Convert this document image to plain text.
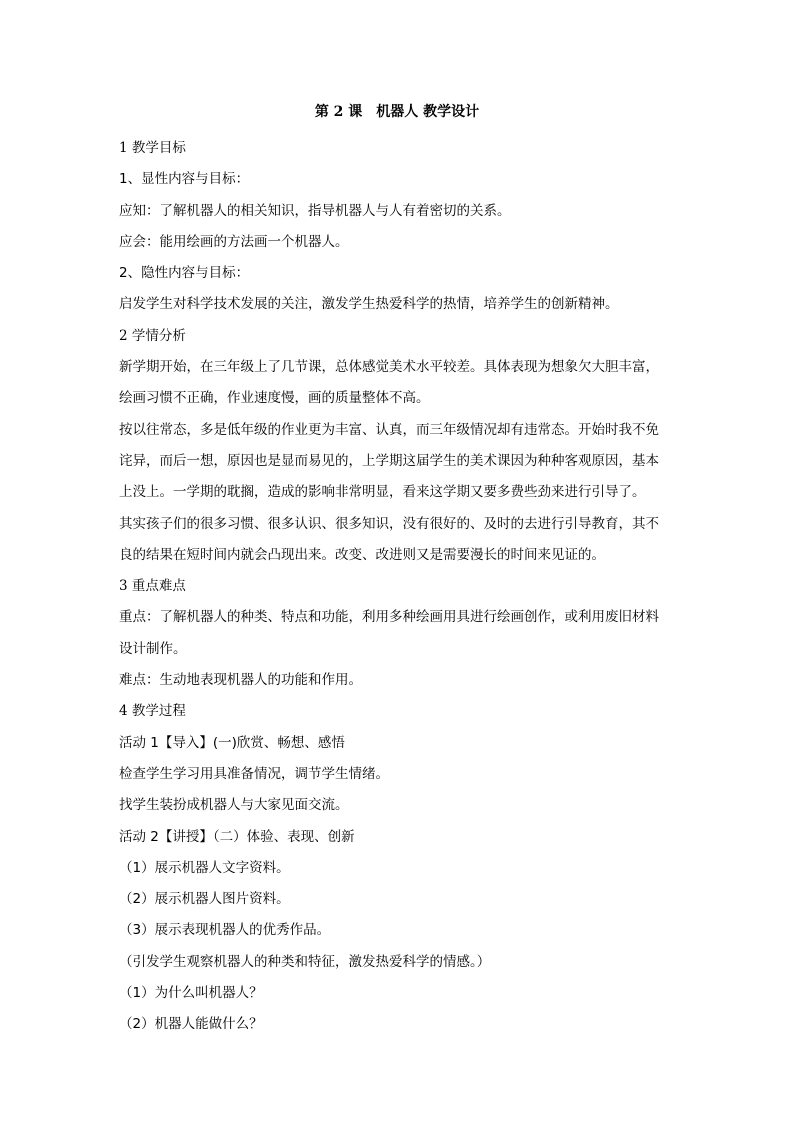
第 2 课　机器人 教学设计
1 教学目标
1、显性内容与目标：
应知：了解机器人的相关知识，指导机器人与人有着密切的关系。
应会：能用绘画的方法画一个机器人。
2、隐性内容与目标：
启发学生对科学技术发展的关注，激发学生热爱科学的热情，培养学生的创新精神。
2 学情分析
新学期开始，在三年级上了几节课，总体感觉美术水平较差。具体表现为想象欠大胆丰富，
绘画习惯不正确，作业速度慢，画的质量整体不高。
按以往常态，多是低年级的作业更为丰富、认真，而三年级情况却有违常态。开始时我不免
诧异，而后一想，原因也是显而易见的，上学期这届学生的美术课因为种种客观原因，基本
上没上。一学期的耽搁，造成的影响非常明显，看来这学期又要多费些劲来进行引导了。
其实孩子们的很多习惯、很多认识、很多知识，没有很好的、及时的去进行引导教育，其不
良的结果在短时间内就会凸现出来。改变、改进则又是需要漫长的时间来见证的。
3 重点难点
重点：了解机器人的种类、特点和功能，利用多种绘画用具进行绘画创作，或利用废旧材料
设计制作。
难点：生动地表现机器人的功能和作用。
4 教学过程
活动 1【导入】(一)欣赏、畅想、感悟
检查学生学习用具准备情况，调节学生情绪。
找学生装扮成机器人与大家见面交流。
活动 2【讲授】（二）体验、表现、创新
（1）展示机器人文字资料。
（2）展示机器人图片资料。
（3）展示表现机器人的优秀作品。
（引发学生观察机器人的种类和特征，激发热爱科学的情感。）
（1）为什么叫机器人？
（2）机器人能做什么？
